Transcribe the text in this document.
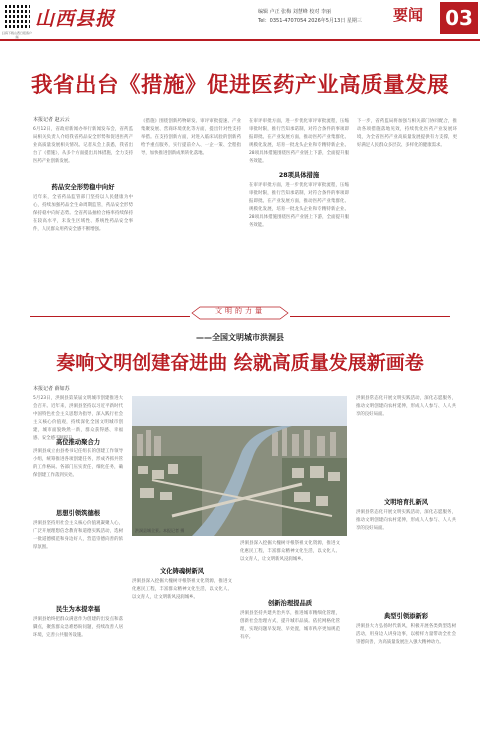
扫码下载山西日报客户端
山西县报	编辑 卢正 张梅 刘慧峰 校对 李丽
Tel：0351-4707054 2026年5月13日 星期三 要闻 03
我省出台《措施》促进医药产业高质量发展
本报记者 赵云云
6月12日，省政府新闻办举行新闻发布会，省药监局相关负责人介绍我省药品安全形势和促进医药产业高质量发展相关情况。记者从会上获悉，我省出台了《措施》，从多个方面提出具体措施，全力支持医药产业创新发展。
药品安全形势稳中向好
近年来，全省药品监管部门坚持以人民健康为中心，持续加强药品全生命周期监管，药品安全形势保持稳中向好态势。全省药品抽检合格率持续保持在较高水平，未发生区域性、系统性药品安全事件，人民群众用药安全感不断增强。
《措施》围绕创新药物研发、审评审批提速、产业集聚发展、营商环境优化等方面，提出针对性支持举措。在支持创新方面，对进入临床试验的创新药给予重点服务，实行提前介入、一企一策、全程指导，加快推进创新成果转化落地。
在审评审批方面，进一步优化审评审批流程，压缩审批时限，推行告知承诺制，对符合条件的事项即报即批。在产业发展方面，推动医药产业集群化、规模化发展，培育一批龙头企业和专精特新企业。28项具体措施围绕医药产业链上下游，全面提升服务效能。
28项具体措施
在审评审批方面，进一步优化审评审批流程，压缩审批时限，推行告知承诺制，对符合条件的事项即报即批。在产业发展方面，推动医药产业集群化、规模化发展，培育一批龙头企业和专精特新企业。28项具体措施围绕医药产业链上下游，全面提升服务效能。
下一步，省药监局将加强与相关部门协同配合，推动各项措施落地见效，持续优化医药产业发展环境，为全省医药产业高质量发展提供有力支撑，更好满足人民群众多层次、多样化的健康需求。
文明的力量
——全国文明城市洪洞县
奏响文明创建奋进曲 绘就高质量发展新画卷
本报记者 薛如苏
5月23日，洪洞县第某届文明城市创建推进大会召开。近年来，洪洞县坚持以习近平新时代中国特色社会主义思想为指导，深入践行社会主义核心价值观，持续深化全国文明城市创建，城市面貌焕然一新，群众获得感、幸福感、安全感不断提升。
高位推动聚合力
洪洞县成立由县委书记任组长的创建工作领导小组，统筹推进各项创建任务，形成齐抓共管的工作格局。各部门压实责任，细化任务，确保创建工作落到实处。
思想引领筑德根
洪洞县坚持用社会主义核心价值观凝聚人心，广泛开展理想信念教育和道德实践活动，选树一批道德模范和身边好人，营造崇德向善的浓厚氛围。
民生为本提幸福
洪洞县始终把群众满意作为创建的出发点和落脚点，聚焦群众急难愁盼问题，持续改善人居环境，完善公共服务设施。
洪洞县城全景。本报记者 摄
文化铸魂树新风
洪洞县深入挖掘大槐树寻根祭祖文化资源，推进文化惠民工程，丰富群众精神文化生活，以文化人、以文育人，让文明新风浸润城乡。
洪洞县深入挖掘大槐树寻根祭祖文化资源，推进文化惠民工程，丰富群众精神文化生活，以文化人、以文育人，让文明新风浸润城乡。
创新治理提品质
洪洞县坚持共建共治共享，推进城市精细化管理，创新社会治理方式，提升城市品质。依托网格化管理，实现问题早发现、早处置，城市秩序更加规范有序。
洪洞县常态化开展文明实践活动，深化志愿服务，推动文明创建向农村延伸，形成人人参与、人人共享的良好局面。
文明培育扎新风
洪洞县常态化开展文明实践活动，深化志愿服务，推动文明创建向农村延伸，形成人人参与、人人共享的良好局面。
典型引领添新彩
洪洞县大力弘扬时代新风，积极开展各类典型选树活动，用身边人讲身边事，以榜样力量带动全社会崇德向善，为高质量发展注入强大精神动力。
